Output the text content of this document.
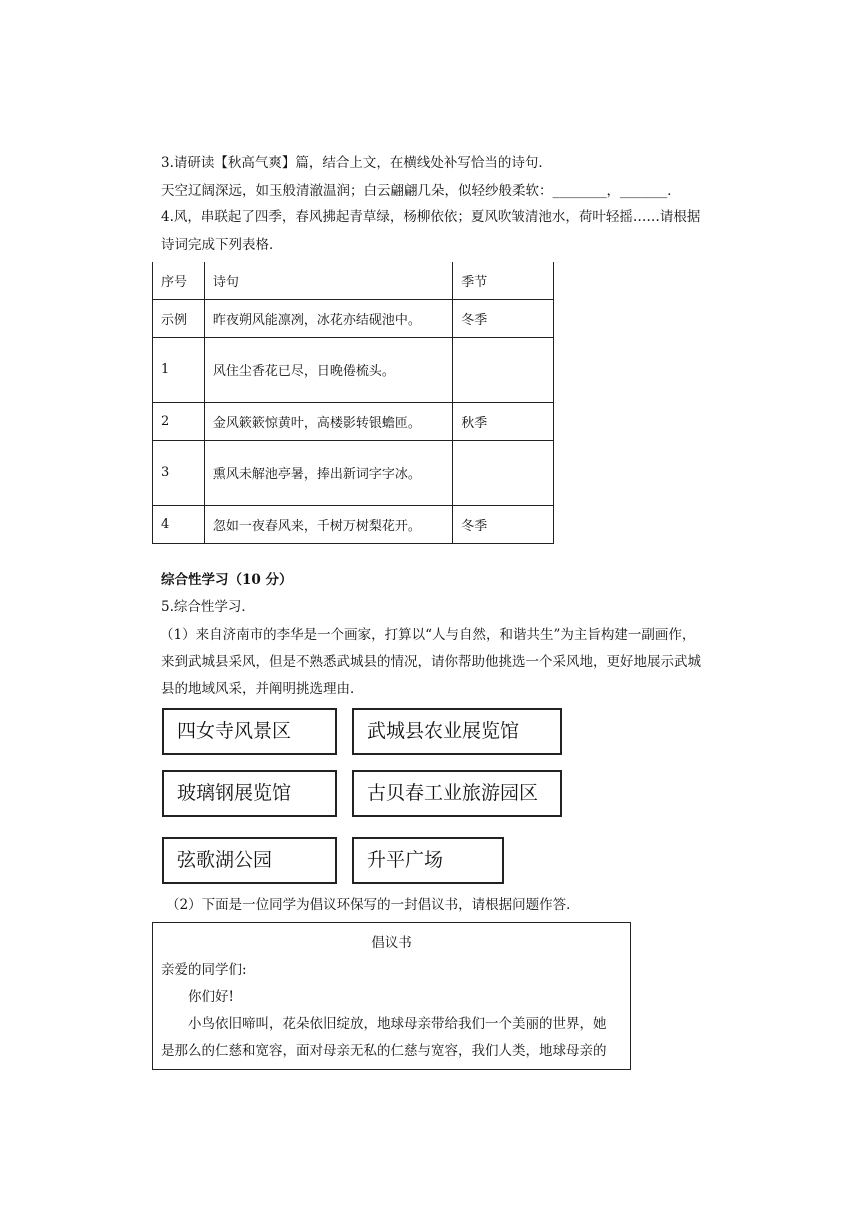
3.请研读【秋高气爽】篇，结合上文，在横线处补写恰当的诗句．
天空辽阔深远，如玉般清澈温润；白云翩翩几朵，似轻纱般柔软：________，_______．
4.风，串联起了四季，春风拂起青草绿，杨柳依依；夏风吹皱清池水，荷叶轻摇……请根据
诗词完成下列表格．
序号	诗句	季节
示例	昨夜朔风能凛冽，冰花亦结砚池中。	冬季
1	风住尘香花已尽，日晚倦梳头。	
2	金风簌簌惊黄叶，高楼影转银蟾匝。	秋季
3	熏风未解池亭暑，捧出新词字字冰。	
4	忽如一夜春风来，千树万树梨花开。	冬季
综合性学习（10 分）
5.综合性学习．
（1）来自济南市的李华是一个画家，打算以“人与自然，和谐共生”为主旨构建一副画作，
来到武城县采风，但是不熟悉武城县的情况，请你帮助他挑选一个采风地，更好地展示武城
县的地域风采，并阐明挑选理由．
四女寺风景区	武城县农业展览馆
玻璃钢展览馆	古贝春工业旅游园区
弦歌湖公园	升平广场
（2）下面是一位同学为倡议环保写的一封倡议书，请根据问题作答．
倡议书
亲爱的同学们:
你们好!
小鸟依旧啼叫，花朵依旧绽放，地球母亲带给我们一个美丽的世界，她
是那么的仁慈和宽容，面对母亲无私的仁慈与宽容，我们人类，地球母亲的
